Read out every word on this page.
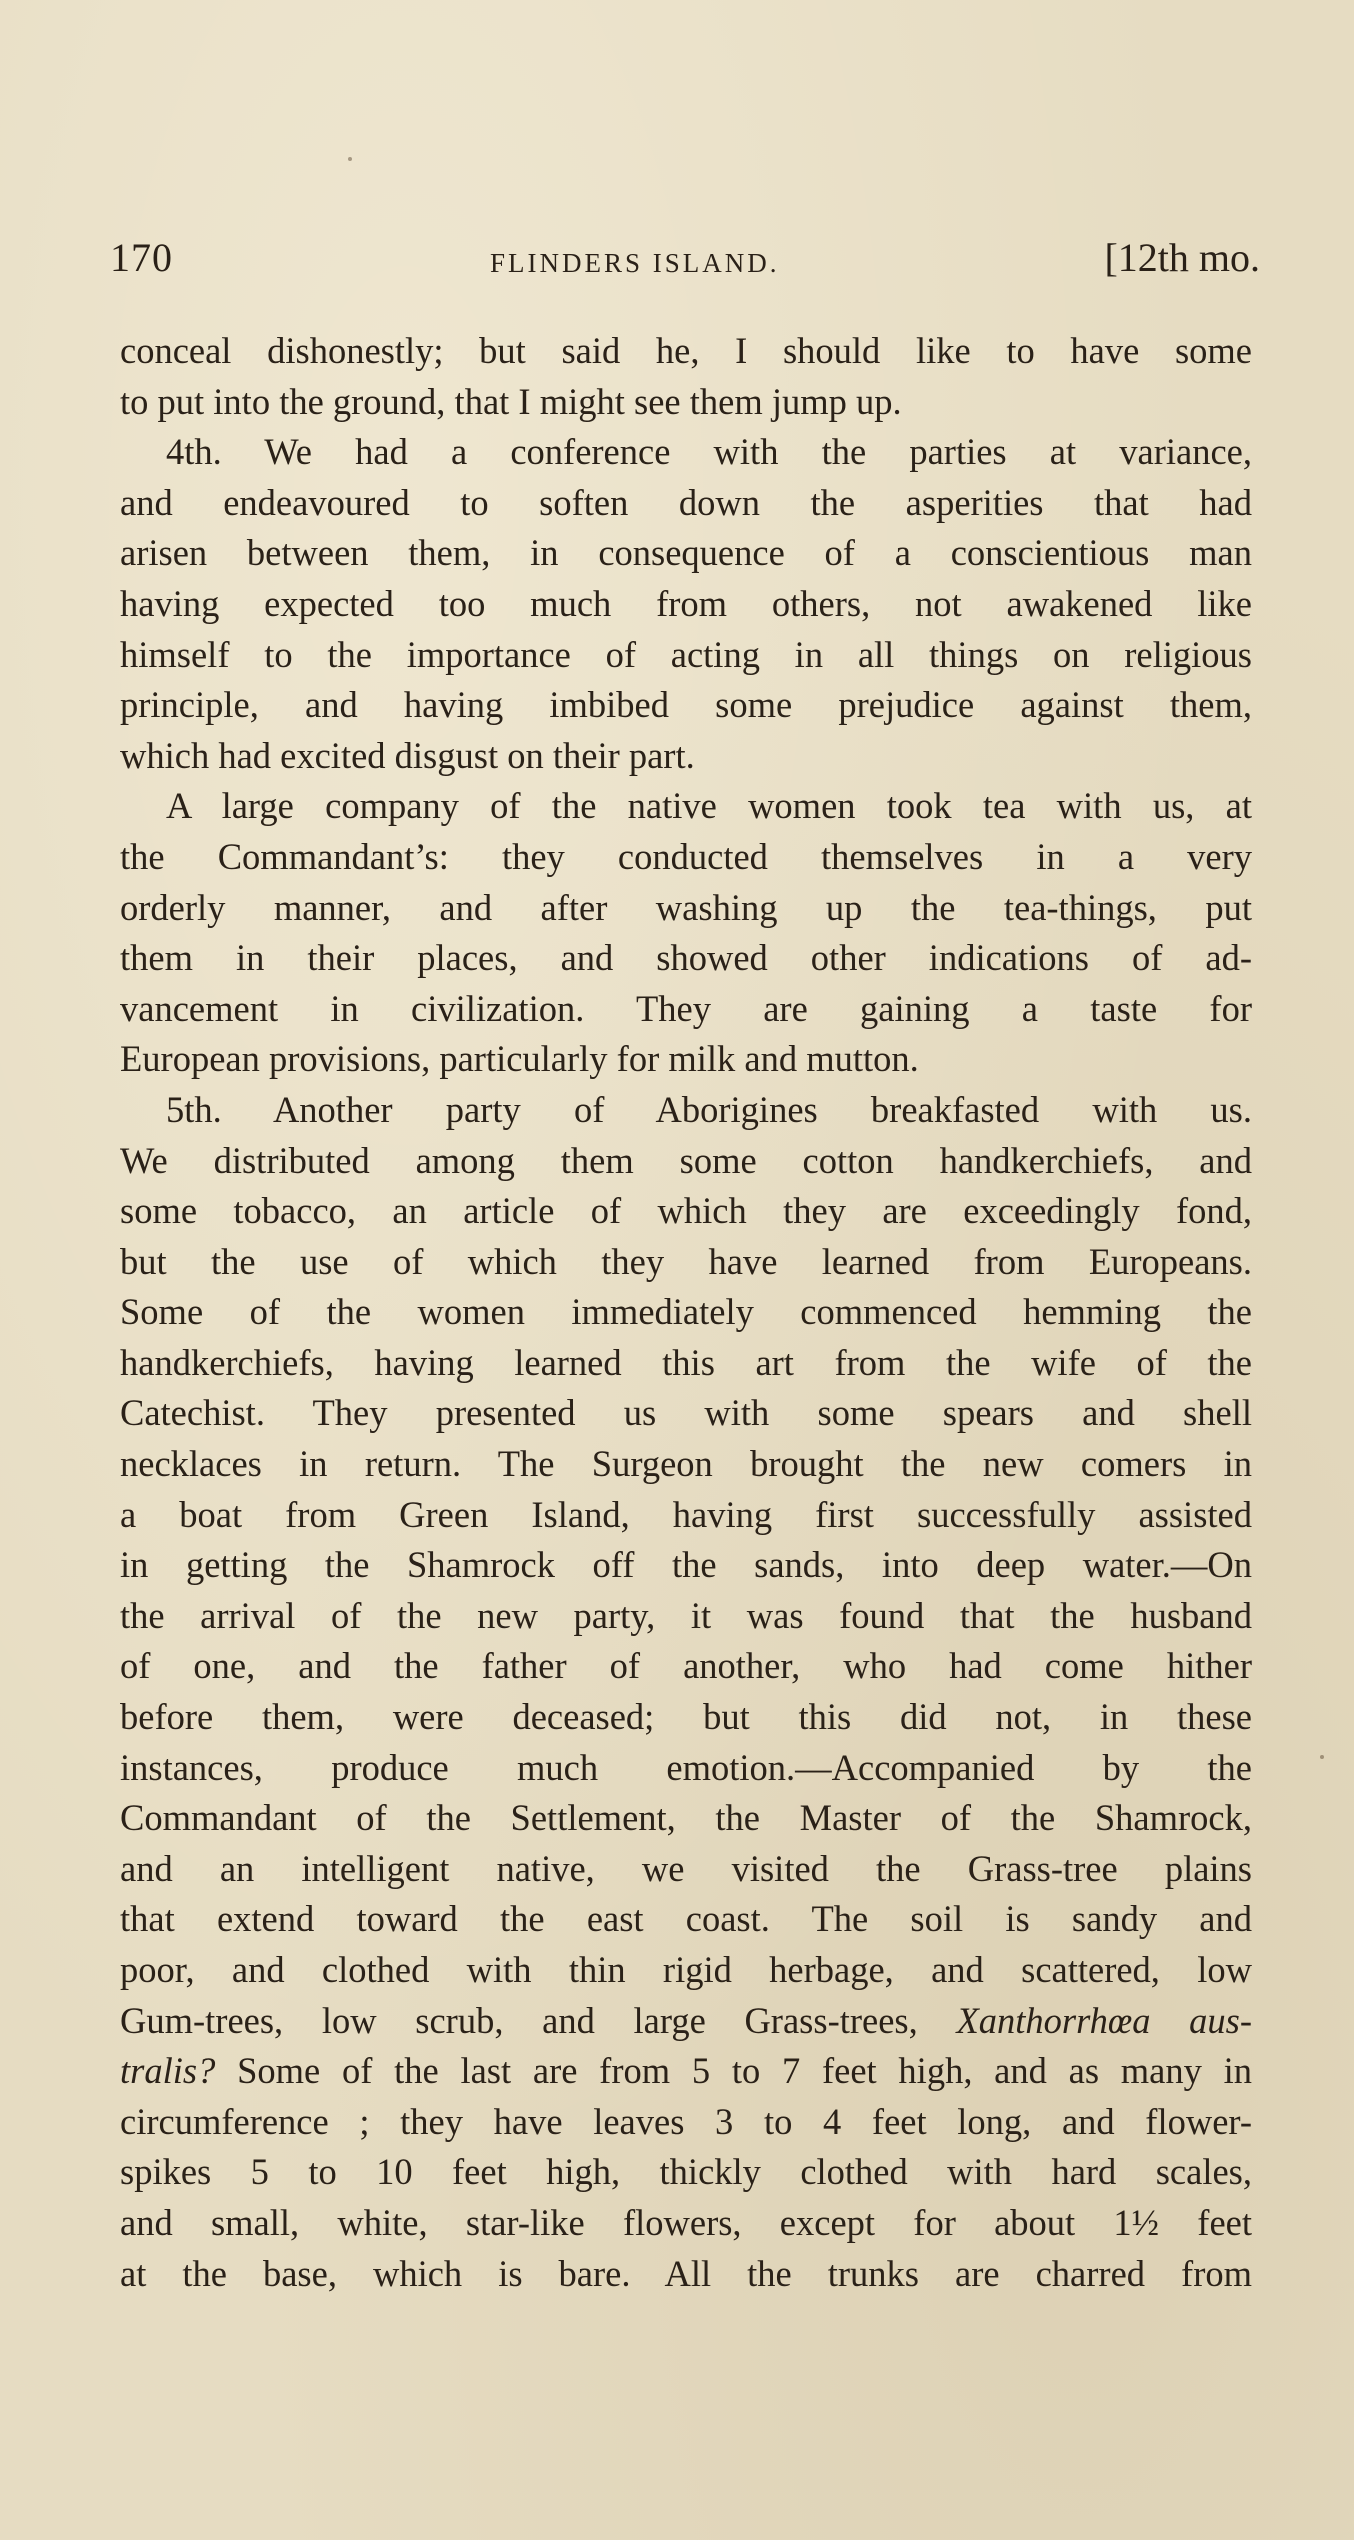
170	FLINDERS ISLAND.	[12th mo.
conceal dishonestly; but said he, I should like to have some
to put into the ground, that I might see them jump up.
4th. We had a conference with the parties at variance,
and endeavoured to soften down the asperities that had
arisen between them, in consequence of a conscientious man
having expected too much from others, not awakened like
himself to the importance of acting in all things on religious
principle, and having imbibed some prejudice against them,
which had excited disgust on their part.
A large company of the native women took tea with us, at
the Commandant’s: they conducted themselves in a very
orderly manner, and after washing up the tea-things, put
them in their places, and showed other indications of ad-
vancement in civilization. They are gaining a taste for
European provisions, particularly for milk and mutton.
5th. Another party of Aborigines breakfasted with us.
We distributed among them some cotton handkerchiefs, and
some tobacco, an article of which they are exceedingly fond,
but the use of which they have learned from Europeans.
Some of the women immediately commenced hemming the
handkerchiefs, having learned this art from the wife of the
Catechist. They presented us with some spears and shell
necklaces in return. The Surgeon brought the new comers in
a boat from Green Island, having first successfully assisted
in getting the Shamrock off the sands, into deep water.—On
the arrival of the new party, it was found that the husband
of one, and the father of another, who had come hither
before them, were deceased; but this did not, in these
instances, produce much emotion.—Accompanied by the
Commandant of the Settlement, the Master of the Shamrock,
and an intelligent native, we visited the Grass-tree plains
that extend toward the east coast. The soil is sandy and
poor, and clothed with thin rigid herbage, and scattered, low
Gum-trees, low scrub, and large Grass-trees, Xanthorrhœa aus-
tralis? Some of the last are from 5 to 7 feet high, and as many in
circumference ; they have leaves 3 to 4 feet long, and flower-
spikes 5 to 10 feet high, thickly clothed with hard scales,
and small, white, star-like flowers, except for about 1½ feet
at the base, which is bare. All the trunks are charred from
